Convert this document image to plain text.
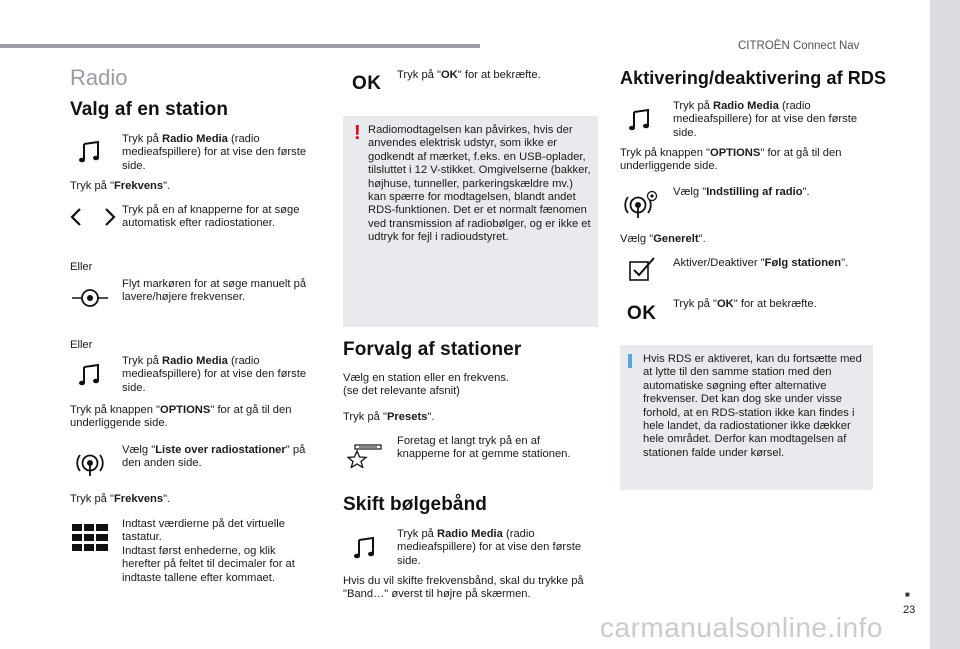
CITROËN Connect Nav
■
23
carmanualsonline.info
Radio
Valg af en station
Tryk på Radio Media (radio medieafspillere) for at vise den første side.
Tryk på "Frekvens".
Tryk på en af knapperne for at søge automatisk efter radiostationer.
Eller
Flyt markøren for at søge manuelt på lavere/højere frekvenser.
Eller
Tryk på Radio Media (radio medieafspillere) for at vise den første side.
Tryk på knappen "OPTIONS" for at gå til den underliggende side.
Vælg "Liste over radiostationer" på den anden side.
Tryk på "Frekvens".
Indtast værdierne på det virtuelle tastatur.
Indtast først enhederne, og klik herefter på feltet til decimaler for at indtaste tallene efter kommaet.
OK Tryk på "OK" for at bekræfte.
! Radiomodtagelsen kan påvirkes, hvis der anvendes elektrisk udstyr, som ikke er godkendt af mærket, f.eks. en USB-oplader, tilsluttet i 12 V-stikket. Omgivelserne (bakker, højhuse, tunneller, parkeringskældre mv.) kan spærre for modtagelsen, blandt andet RDS-funktionen. Det er et normalt fænomen ved transmission af radiobølger, og er ikke et udtryk for fejl i radioudstyret.
Forvalg af stationer
Vælg en station eller en frekvens.
(se det relevante afsnit)
Tryk på "Presets".
Foretag et langt tryk på en af knapperne for at gemme stationen.
Skift bølgebånd
Tryk på Radio Media (radio medieafspillere) for at vise den første side.
Hvis du vil skifte frekvensbånd, skal du trykke på "Band…" øverst til højre på skærmen.
Aktivering/deaktivering af RDS
Tryk på Radio Media (radio medieafspillere) for at vise den første side.
Tryk på knappen "OPTIONS" for at gå til den underliggende side.
Vælg "Indstilling af radio".
Vælg "Generelt".
Aktiver/Deaktiver "Følg stationen".
OK Tryk på "OK" for at bekræfte.
Hvis RDS er aktiveret, kan du fortsætte med at lytte til den samme station med den automatiske søgning efter alternative frekvenser. Det kan dog ske under visse forhold, at en RDS-station ikke kan findes i hele landet, da radiostationer ikke dækker hele området. Derfor kan modtagelsen af stationen falde under kørsel.
